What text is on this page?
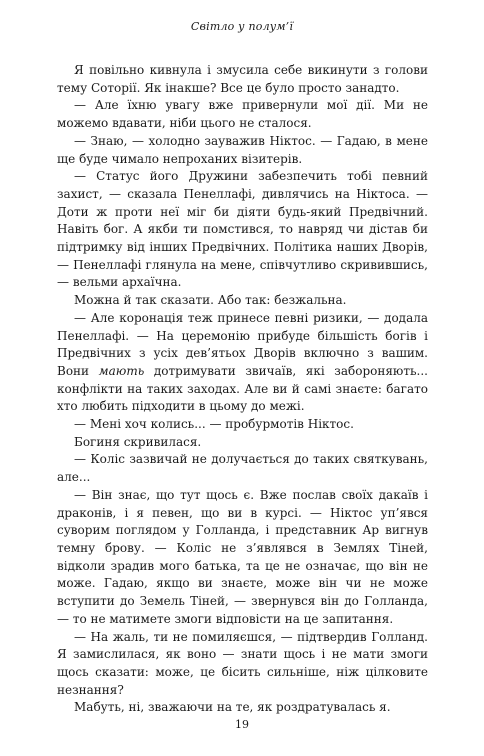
Світло у полум’ї

Я повільно кивнула і змусила себе викинути з голови тему Соторії. Як інакше? Все це було просто занадто.

— Але їхню увагу вже привернули мої дії. Ми не можемо вдавати, ніби цього не сталося.

— Знаю, — холодно зауважив Ніктос. — Гадаю, в мене ще буде чимало непроханих візитерів.

— Статус його Дружини забезпечить тобі певний захист, — сказала Пенеллафі, дивлячись на Ніктоса. — Доти ж проти неї міг би діяти будь-який Предвічний. Навіть бог. А якби ти помстився, то навряд чи дістав би підтримку від інших Предвічних. Політика наших Дворів, — Пенеллафі глянула на мене, співчутливо скривившись, — вельми архаїчна.

Можна й так сказати. Або так: безжальна.

— Але коронація теж принесе певні ризики, — додала Пенеллафі. — На церемонію прибуде більшість богів і Предвічних з усіх дев’ятьох Дворів включно з вашим. Вони мають дотримувати звичаїв, які забороняють... конфлікти на таких заходах. Але ви й самі знаєте: багато хто любить підходити в цьому до межі.

— Мені хоч колись... — пробурмотів Ніктос.

Богиня скривилася.

— Коліс зазвичай не долучається до таких святкувань, але...

— Він знає, що тут щось є. Вже послав своїх дакаїв і драконів, і я певен, що ви в курсі. — Ніктос уп’явся суворим поглядом у Голланда, і представник Ар вигнув темну брову. — Коліс не з’являвся в Землях Тіней, відколи зрадив мого батька, та це не означає, що він не може. Гадаю, якщо ви знаєте, може він чи не може вступити до Земель Тіней, — звернувся він до Голланда, — то не матимете змоги відповісти на це запитання.

— На жаль, ти не помиляєшся, — підтвердив Голланд. Я замислилася, як воно — знати щось і не мати змоги щось сказати: може, це бісить сильніше, ніж цілковите незнання?

Мабуть, ні, зважаючи на те, як роздратувалась я.

19
